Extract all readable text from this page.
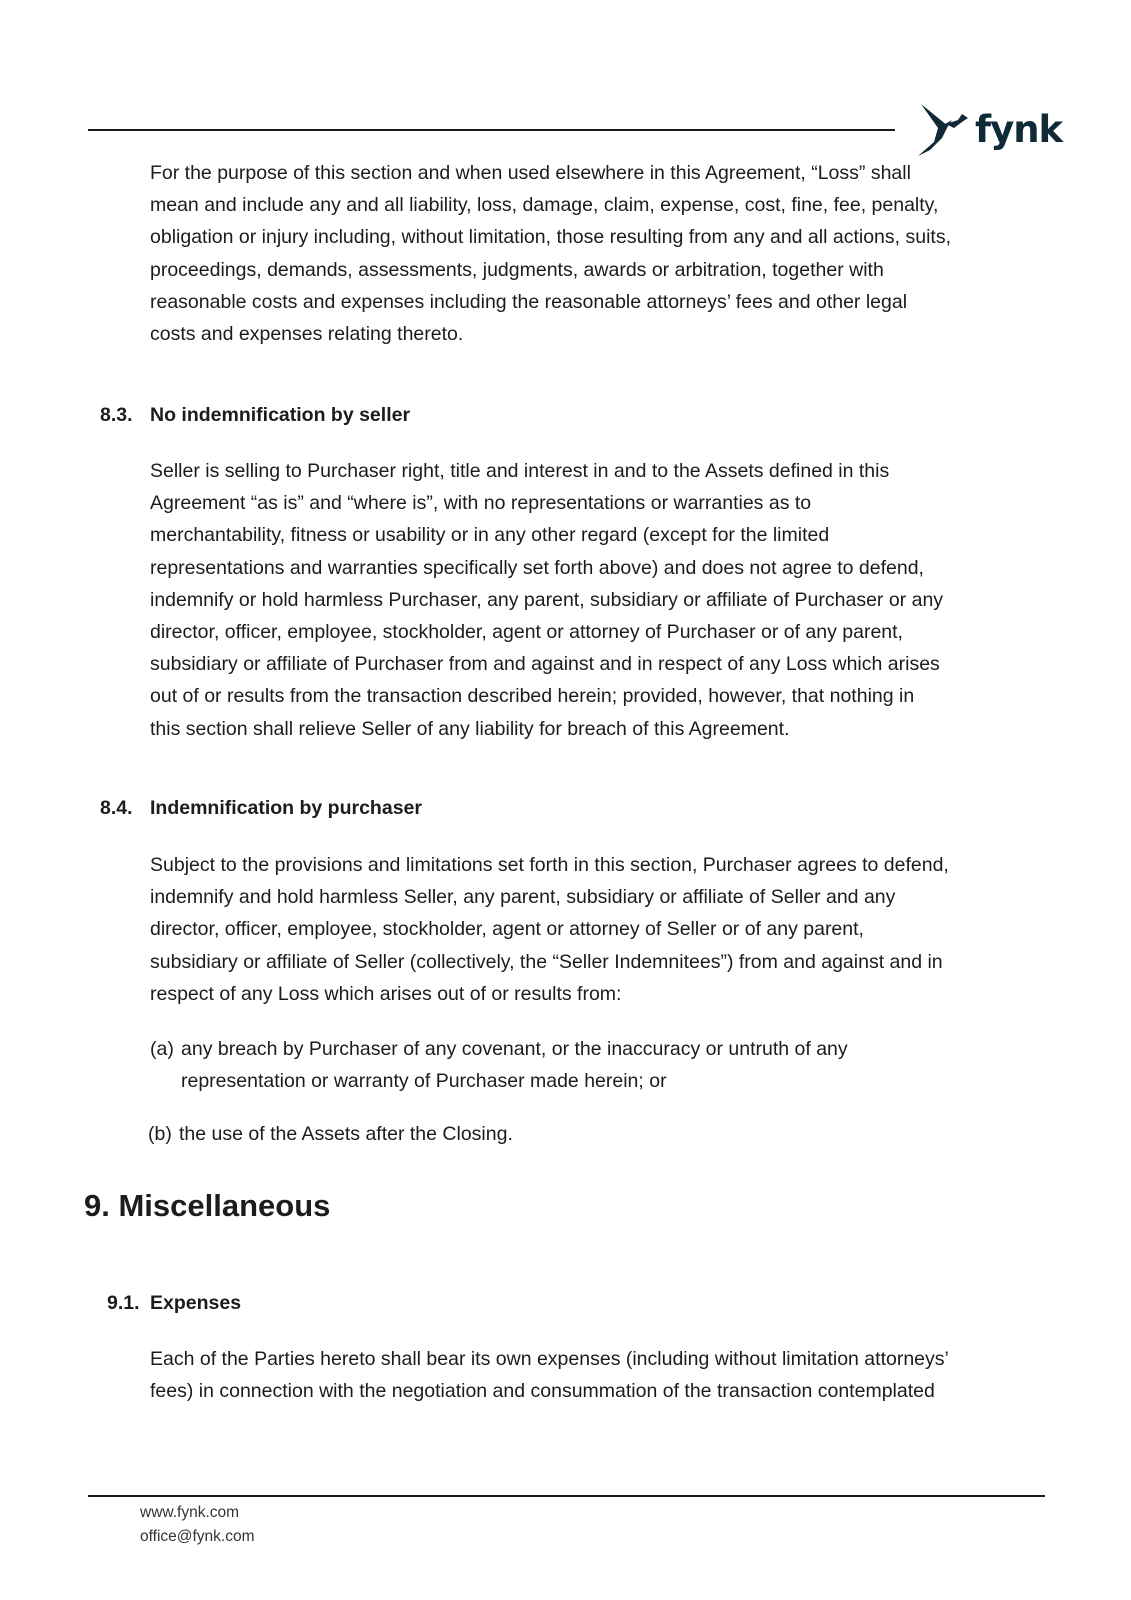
fynk

For the purpose of this section and when used elsewhere in this Agreement, “Loss” shall
mean and include any and all liability, loss, damage, claim, expense, cost, fine, fee, penalty,
obligation or injury including, without limitation, those resulting from any and all actions, suits,
proceedings, demands, assessments, judgments, awards or arbitration, together with
reasonable costs and expenses including the reasonable attorneys’ fees and other legal
costs and expenses relating thereto.

8.3. No indemnification by seller

Seller is selling to Purchaser right, title and interest in and to the Assets defined in this
Agreement “as is” and “where is”, with no representations or warranties as to
merchantability, fitness or usability or in any other regard (except for the limited
representations and warranties specifically set forth above) and does not agree to defend,
indemnify or hold harmless Purchaser, any parent, subsidiary or affiliate of Purchaser or any
director, officer, employee, stockholder, agent or attorney of Purchaser or of any parent,
subsidiary or affiliate of Purchaser from and against and in respect of any Loss which arises
out of or results from the transaction described herein; provided, however, that nothing in
this section shall relieve Seller of any liability for breach of this Agreement.

8.4. Indemnification by purchaser

Subject to the provisions and limitations set forth in this section, Purchaser agrees to defend,
indemnify and hold harmless Seller, any parent, subsidiary or affiliate of Seller and any
director, officer, employee, stockholder, agent or attorney of Seller or of any parent,
subsidiary or affiliate of Seller (collectively, the “Seller Indemnitees”) from and against and in
respect of any Loss which arises out of or results from:

(a) any breach by Purchaser of any covenant, or the inaccuracy or untruth of any
representation or warranty of Purchaser made herein; or
(b) the use of the Assets after the Closing.
9. Miscellaneous
9.1. Expenses

Each of the Parties hereto shall bear its own expenses (including without limitation attorneys’
fees) in connection with the negotiation and consummation of the transaction contemplated

www.fynk.com
office@fynk.com
